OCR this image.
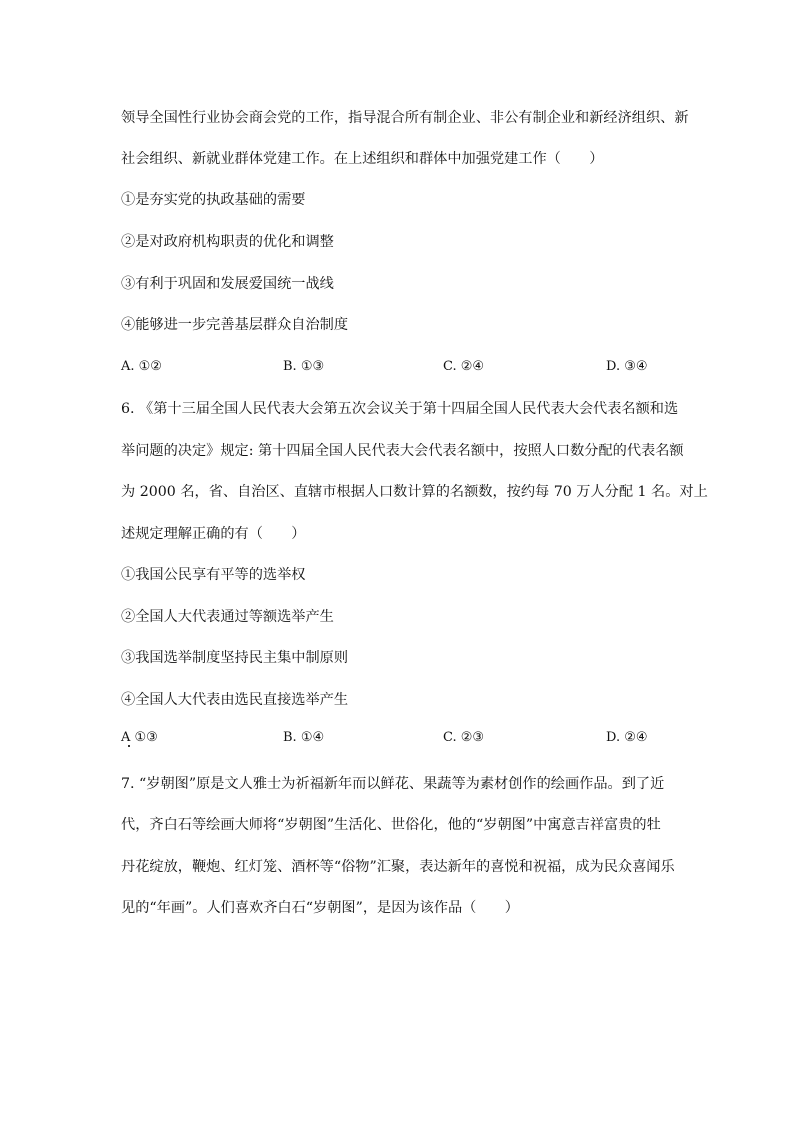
领导全国性行业协会商会党的工作，指导混合所有制企业、非公有制企业和新经济组织、新
社会组织、新就业群体党建工作。在上述组织和群体中加强党建工作（　　）
①是夯实党的执政基础的需要
②是对政府机构职责的优化和调整
③有利于巩固和发展爱国统一战线
④能够进一步完善基层群众自治制度
A. ①②	B. ①③	C. ②④	D. ③④
6. 《第十三届全国人民代表大会第五次会议关于第十四届全国人民代表大会代表名额和选
举问题的决定》规定: 第十四届全国人民代表大会代表名额中，按照人口数分配的代表名额
为 2000 名，省、自治区、直辖市根据人口数计算的名额数，按约每 70 万人分配 1 名。对上
述规定理解正确的有（　　）
①我国公民享有平等的选举权
②全国人大代表通过等额选举产生
③我国选举制度坚持民主集中制原则
④全国人大代表由选民直接选举产生
A ①③	B. ①④	C. ②③	D. ②④
7. “岁朝图”原是文人雅士为祈福新年而以鲜花、果蔬等为素材创作的绘画作品。到了近
代，齐白石等绘画大师将“岁朝图”生活化、世俗化，他的“岁朝图”中寓意吉祥富贵的牡
丹花绽放，鞭炮、红灯笼、酒杯等“俗物”汇聚，表达新年的喜悦和祝福，成为民众喜闻乐
见的“年画”。人们喜欢齐白石“岁朝图”，是因为该作品（　　）
